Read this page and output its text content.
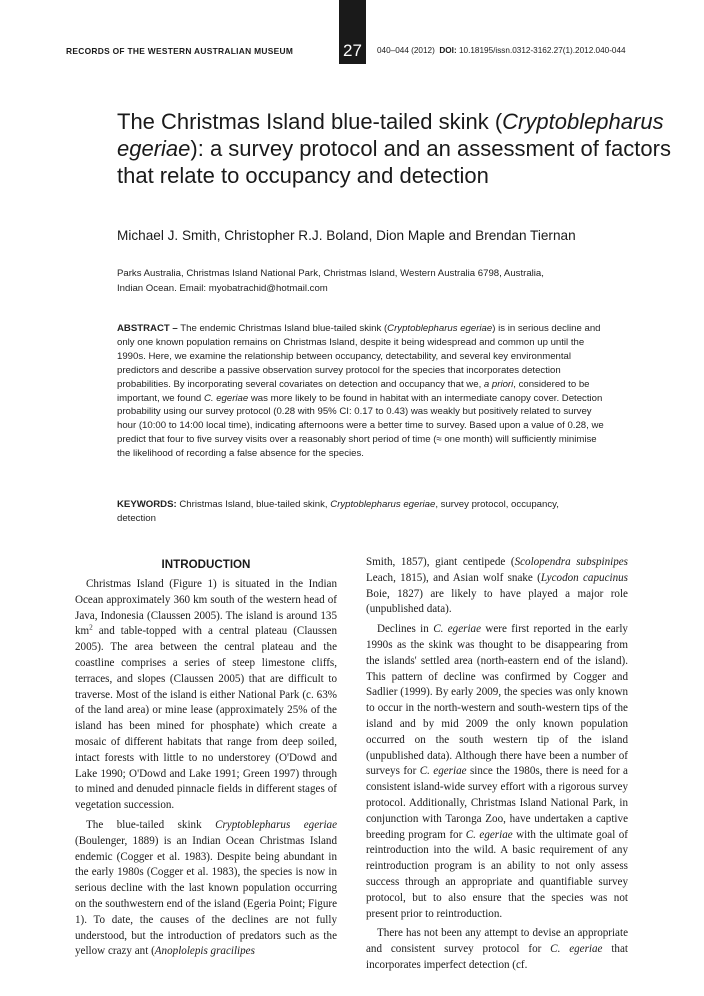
RECORDS OF THE WESTERN AUSTRALIAN MUSEUM	27	040–044 (2012) DOI: 10.18195/issn.0312-3162.27(1).2012.040-044
The Christmas Island blue-tailed skink (Cryptoblepharus egeriae): a survey protocol and an assessment of factors that relate to occupancy and detection
Michael J. Smith, Christopher R.J. Boland, Dion Maple and Brendan Tiernan
Parks Australia, Christmas Island National Park, Christmas Island, Western Australia 6798, Australia,
Indian Ocean. Email: myobatrachid@hotmail.com
ABSTRACT – The endemic Christmas Island blue-tailed skink (Cryptoblepharus egeriae) is in serious decline and only one known population remains on Christmas Island, despite it being widespread and common up until the 1990s. Here, we examine the relationship between occupancy, detectability, and several key environmental predictors and describe a passive observation survey protocol for the species that incorporates detection probabilities. By incorporating several covariates on detection and occupancy that we, a priori, considered to be important, we found C. egeriae was more likely to be found in habitat with an intermediate canopy cover. Detection probability using our survey protocol (0.28 with 95% CI: 0.17 to 0.43) was weakly but positively related to survey hour (10:00 to 14:00 local time), indicating afternoons were a better time to survey. Based upon a value of 0.28, we predict that four to five survey visits over a reasonably short period of time (≈ one month) will sufficiently minimise the likelihood of recording a false absence for the species.
KEYWORDS: Christmas Island, blue-tailed skink, Cryptoblepharus egeriae, survey protocol, occupancy, detection
INTRODUCTION

Christmas Island (Figure 1) is situated in the Indian Ocean approximately 360 km south of the western head of Java, Indonesia (Claussen 2005). The island is around 135 $km^2$ and table-topped with a central plateau (Claussen 2005). The area between the central plateau and the coastline comprises a series of steep limestone cliffs, terraces, and slopes (Claussen 2005) that are difficult to traverse. Most of the island is either National Park (c. 63% of the land area) or mine lease (approximately 25% of the island has been mined for phosphate) which create a mosaic of different habitats that range from deep soiled, intact forests with little to no understorey (O'Dowd and Lake 1990; O'Dowd and Lake 1991; Green 1997) through to mined and denuded pinnacle fields in different stages of vegetation succession.

The blue-tailed skink Cryptoblepharus egeriae (Boulenger, 1889) is an Indian Ocean Christmas Island endemic (Cogger et al. 1983). Despite being abundant in the early 1980s (Cogger et al. 1983), the species is now in serious decline with the last known population occurring on the southwestern end of the island (Egeria Point; Figure 1). To date, the causes of the declines are not fully understood, but the introduction of predators such as the yellow crazy ant (Anoplolepis gracilipes

Smith, 1857), giant centipede (Scolopendra subspinipes Leach, 1815), and Asian wolf snake (Lycodon capucinus Boie, 1827) are likely to have played a major role (unpublished data).

Declines in C. egeriae were first reported in the early 1990s as the skink was thought to be disappearing from the islands' settled area (north-eastern end of the island). This pattern of decline was confirmed by Cogger and Sadlier (1999). By early 2009, the species was only known to occur in the north-western and south-western tips of the island and by mid 2009 the only known population occurred on the south western tip of the island (unpublished data). Although there have been a number of surveys for C. egeriae since the 1980s, there is need for a consistent island-wide survey effort with a rigorous survey protocol. Additionally, Christmas Island National Park, in conjunction with Taronga Zoo, have undertaken a captive breeding program for C. egeriae with the ultimate goal of reintroduction into the wild. A basic requirement of any reintroduction program is an ability to not only assess success through an appropriate and quantifiable survey protocol, but to also ensure that the species was not present prior to reintroduction.

There has not been any attempt to devise an appropriate and consistent survey protocol for C. egeriae that incorporates imperfect detection (cf.
